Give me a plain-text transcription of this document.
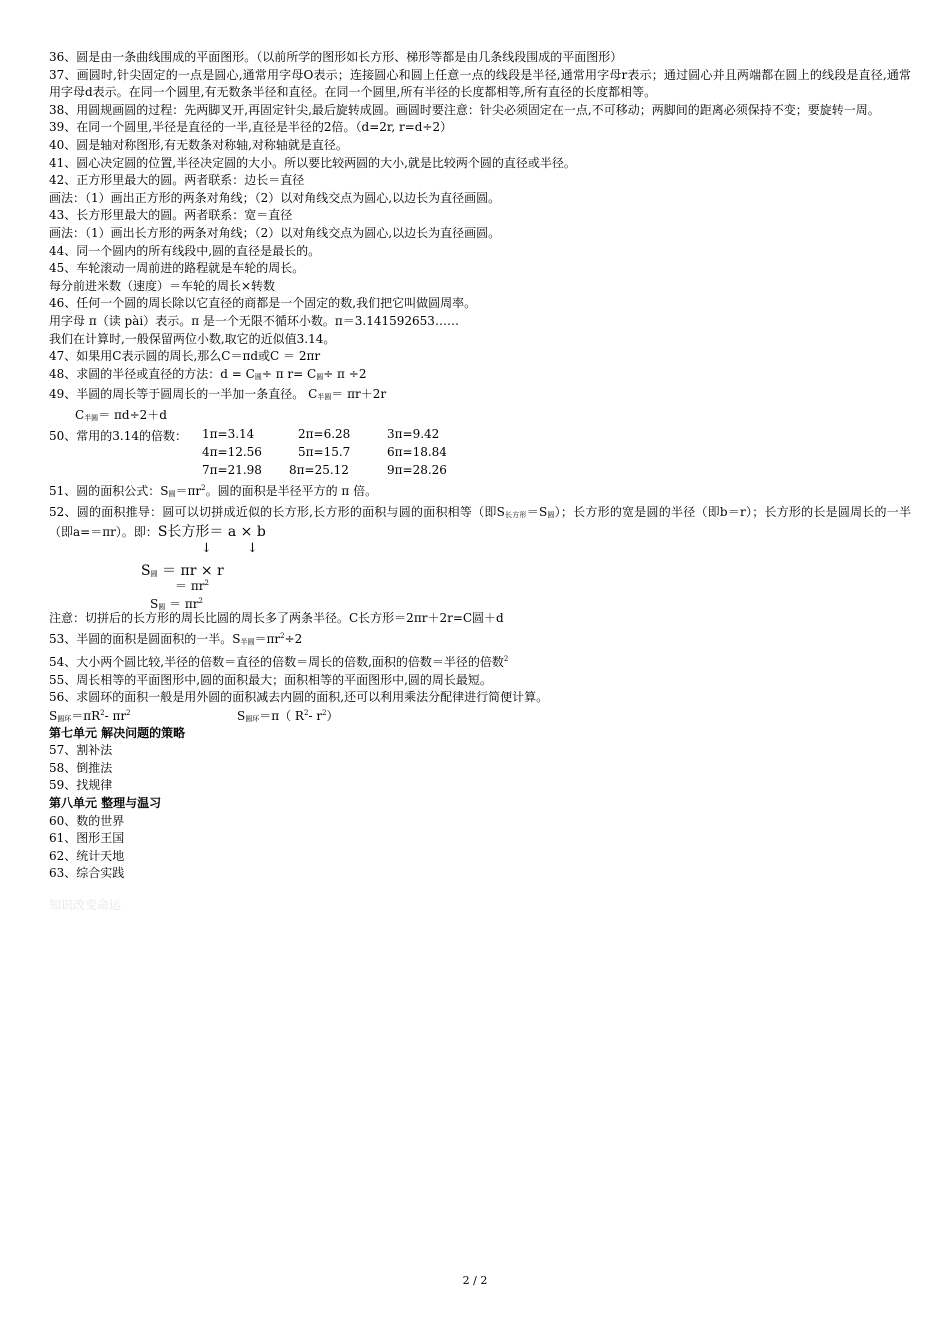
36、圆是由一条曲线围成的平面图形。（以前所学的图形如长方形、梯形等都是由几条线段围成的平面图形）

37、画圆时,针尖固定的一点是圆心,通常用字母O表示；连接圆心和圆上任意一点的线段是半径,通常用字母r表示；通过圆心并且两端都在圆上的线段是直径,通常用字母d表示。在同一个圆里,有无数条半径和直径。在同一个圆里,所有半径的长度都相等,所有直径的长度都相等。

38、用圆规画圆的过程：先两脚叉开,再固定针尖,最后旋转成圆。画圆时要注意：针尖必须固定在一点,不可移动；两脚间的距离必须保持不变；要旋转一周。

39、在同一个圆里,半径是直径的一半,直径是半径的2倍。（d=2r, r=d÷2）

40、圆是轴对称图形,有无数条对称轴,对称轴就是直径。

41、圆心决定圆的位置,半径决定圆的大小。所以要比较两圆的大小,就是比较两个圆的直径或半径。

42、正方形里最大的圆。两者联系：边长＝直径

画法：（1）画出正方形的两条对角线；（2）以对角线交点为圆心,以边长为直径画圆。

43、长方形里最大的圆。两者联系：宽＝直径

画法：（1）画出长方形的两条对角线；（2）以对角线交点为圆心,以边长为直径画圆。

44、同一个圆内的所有线段中,圆的直径是最长的。

45、车轮滚动一周前进的路程就是车轮的周长。

每分前进米数（速度）＝车轮的周长×转数

46、任何一个圆的周长除以它直径的商都是一个固定的数,我们把它叫做圆周率。

用字母 π（读 pài）表示。π 是一个无限不循环小数。π＝3.141592653……

我们在计算时,一般保留两位小数,取它的近似值3.14。

47、如果用C表示圆的周长,那么C＝πd或C ＝ 2πr

48、求圆的半径或直径的方法：d = C圆÷ π r= C圆÷ π ÷2

49、半圆的周长等于圆周长的一半加一条直径。 C半圆＝ πr＋2r

C半圆＝ πd÷2＋d

50、常用的3.14的倍数： 1π=3.14	2π=6.28	3π=9.42
4π=12.56	5π=15.7	6π=18.84
7π=21.98 8π=25.12	9π=28.26

51、圆的面积公式：S圆$=\pi r^2$。圆的面积是半径平方的 π 倍。

52、圆的面积推导：圆可以切拼成近似的长方形,长方形的面积与圆的面积相等（即S长方形＝S圆）；长方形的宽是圆的半径（即b＝r）；长方形的长是圆周长的一半（即a=＝πr）。即：S长方形＝ a × b

↓	↓
S圆 ＝ πr × r
＝ $\pi r^2$
S圆 ＝ $\pi r^2$

注意：切拼后的长方形的周长比圆的周长多了两条半径。C长方形＝2πr＋2r=C圆＋d

53、半圆的面积是圆面积的一半。S半圆$=\pi r^2\div 2$

54、大小两个圆比较,半径的倍数＝直径的倍数＝周长的倍数,面积的倍数＝半径的倍数$^2$

55、周长相等的平面图形中,圆的面积最大；面积相等的平面图形中,圆的周长最短。

56、求圆环的面积一般是用外圆的面积减去内圆的面积,还可以利用乘法分配律进行简便计算。

S圆环$=\pi R^2-$ $\pi r^2$	S圆环＝π（ $R^2-$ $r^2$）

第七单元 解决问题的策略

57、割补法

58、倒推法

59、找规律

第八单元 整理与温习

60、数的世界

61、图形王国

62、统计天地

63、综合实践

知识改变命运

2 / 2
